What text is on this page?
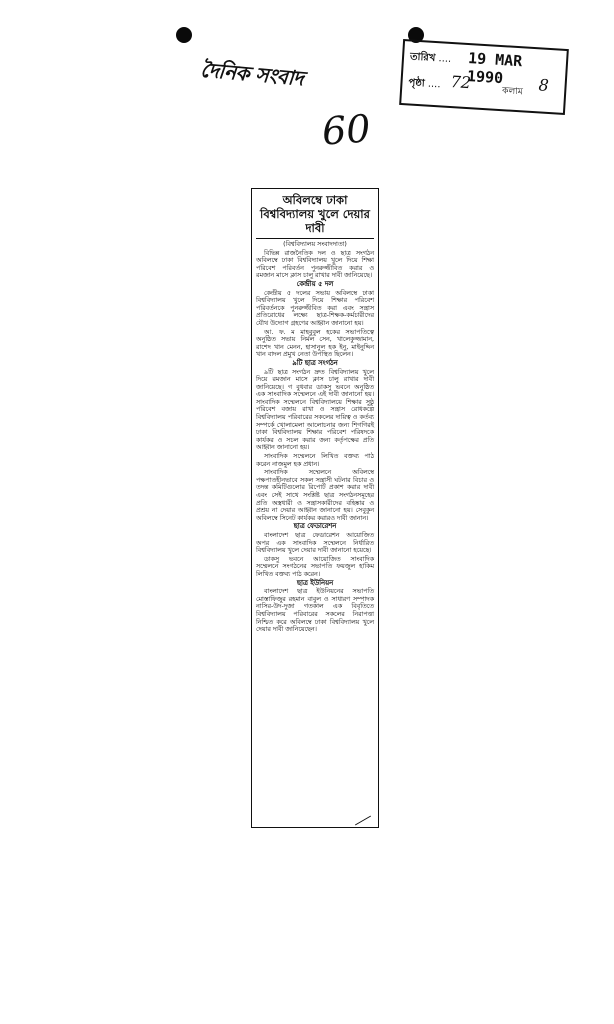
দৈনিক সংবাদ	তারিখ .... 19 MAR 1990
পৃষ্ঠা .... 72	কলাম 8
60
অবিলম্বে ঢাকা বিশ্ববিদ্যালয় খুলে দেয়ার দাবী
(বিশ্ববিদ্যালয় সংবাদদাতা)

বিভিন্ন রাজনৈতিক দল ও ছাত্র সংগঠন অবিলম্বে ঢাকা বিশ্ববিদ্যালয় খুলে দিয়ে শিক্ষা পরিবেশ পরিবর্তন পুনরুজ্জীবিত করার ও রমজান মাসে ক্লাস চালু রাখার দাবী জানিয়েছে।

কেন্দ্রীয় ৫ দল

কেন্দ্রীয় ৫ দলের সভায় অবিলম্বে ঢাকা বিশ্ববিদ্যালয় খুলে দিয়ে শিক্ষার পরিবেশ পরিবর্তনকে পুনরুজ্জীবিত করা এবং সন্ত্রাস প্রতিরোধের লক্ষ্যে ছাত্র-শিক্ষক-কর্মচারীদের যৌথ উদ্যোগ গ্রহণের আহ্বান জানানো হয়।

আ. ফ. ম মাহবুবুল হকের সভাপতিত্বে অনুষ্ঠিত সভায় নির্মল সেন, খালেকুজ্জামান, রাশেদ খান মেনন, হাসানুল হক ইনু, মাইনুদ্দিন খান বাদল প্রমুখ নেতা উপস্থিত ছিলেন।

৯টি ছাত্র সংগঠন

৯টি ছাত্র সংগঠন দ্রুত বিশ্ববিদ্যালয় খুলে দিয়ে রমজান মাসে ক্লাস চালু রাখার দাবী জানিয়েছে। গ বুধবার ডাকসু ভবনে অনুষ্ঠিত এক সাংবাদিক সম্মেলনে এই দাবী জানানো হয়। সাংবাদিক সম্মেলনে বিশ্ববিদ্যালয়ে শিক্ষার সুষ্ঠু পরিবেশ বজায় রাখা ও সন্ত্রাস রোধকল্পে বিশ্ববিদ্যালয় পরিবারের সকলের দায়িত্ব ও কর্তব্য সম্পর্কে খোলামেলা আলোচনার জন্য শিগগিরই ঢাকা বিশ্ববিদ্যালয় শিক্ষার পরিবেশ পরিষদকে কার্যকর ও সচল করার জন্য কর্তৃপক্ষের প্রতি আহ্বান জানানো হয়।

সাংবাদিক সম্মেলনে লিখিত বক্তব্য পাঠ করেন নাজমুল হক প্রধান।

সাংবাদিক সম্মেলনে অবিলম্বে পক্ষপাতহীনভাবে সকল সন্ত্রাসী ঘটনার বিচার ও তদন্ত কমিটিগুলোর রিপোর্ট প্রকাশ করার দাবী এবং সেই সাথে সংশ্লিষ্ট ছাত্র সংগঠনসমূহের প্রতি অস্ত্রধারী ও সন্ত্রাসকারীদের বহিষ্কার ও প্রশ্রয় না দেয়ার আহ্বান জানানো হয়। সেবুকুন অবিলম্বে সিনেট কার্যকর করারও দাবী জানান।

ছাত্র ফেডারেশন

বাংলাদেশ ছাত্র ফেডারেশন আয়োজিত অপর এক সাংবাদিক সম্মেলনে নির্ধারিত বিশ্ববিদ্যালয় খুলে দেয়ার দাবী জানানো হয়েছে।

ডাকসু ভবনে আয়োজিত সাংবাদিক সম্মেলনে সংগঠনের সভাপতি ফয়জুল হাকিম লিখিত বক্তব্য পাঠ করেন।

ছাত্র ইউনিয়ন

বাংলাদেশ ছাত্র ইউনিয়নের সভাপতি মোস্তাফিজুর রহমান বাবুল ও সাধারণ সম্পাদক নাসির-উদ-দুজা গতকাল এক বিবৃতিতে বিশ্ববিদ্যালয় পরিবারের সকলের নিরাপত্তা নিশ্চিত করে অবিলম্বে ঢাকা বিশ্ববিদ্যালয় খুলে দেয়ার দাবী জানিয়েছেন।
